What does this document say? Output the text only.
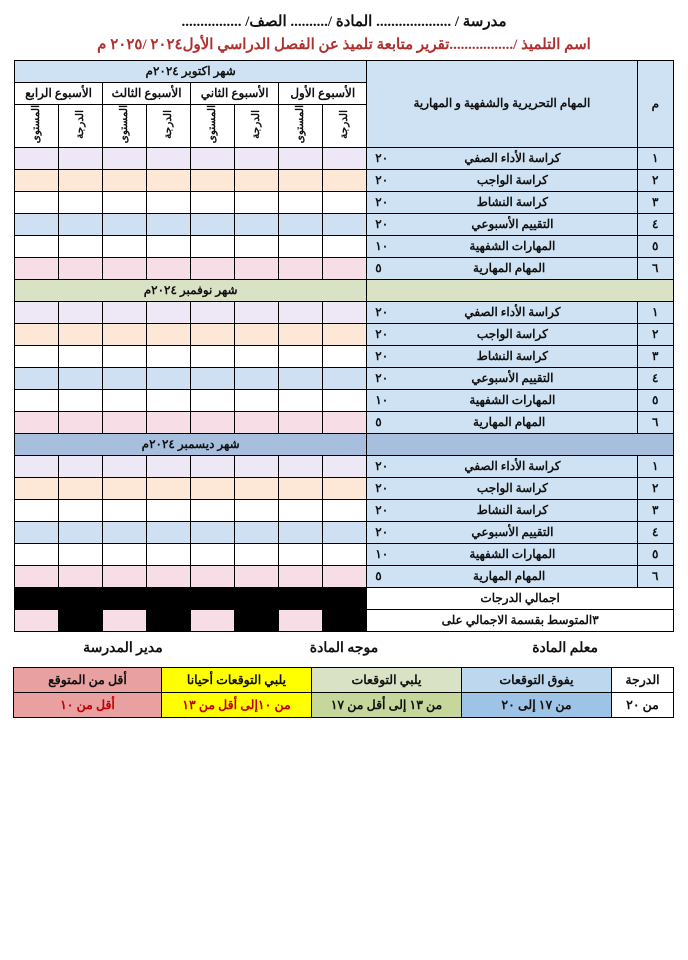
مدرسة / .................... المادة /.......... الصف/ ................
اسم التلميذ /.................تقرير متابعة تلميذ عن الفصل الدراسي الأول٢٠٢٤ /٢٠٢٥ م
م	المهام التحريرية والشفهية و المهارية	شهر اكتوبر ٢٠٢٤م							
		الأسبوع الأول		الأسبوع الثاني		الأسبوع الثالث		الأسبوع الرابع	
		الدرجة	المستوى	الدرجة	المستوى	الدرجة	المستوى	الدرجة	المستوى
١	٢٠ كراسة الأداء الصفي								
٢	٢٠ كراسة الواجب								
٣	٢٠ كراسة النشاط								
٤	٢٠ التقييم الأسبوعي								
٥	١٠ المهارات الشفهية								
٦	٥ المهام المهارية								
		شهر نوفمبر ٢٠٢٤م							
١	٢٠ كراسة الأداء الصفي								
٢	٢٠ كراسة الواجب								
٣	٢٠ كراسة النشاط								
٤	٢٠ التقييم الأسبوعي								
٥	١٠ المهارات الشفهية								
٦	٥ المهام المهارية								
		شهر ديسمبر ٢٠٢٤م							
١	٢٠ كراسة الأداء الصفي								
٢	٢٠ كراسة الواجب								
٣	٢٠ كراسة النشاط								
٤	٢٠ التقييم الأسبوعي								
٥	١٠ المهارات الشفهية								
٦	٥ المهام المهارية								
اجمالي الدرجات									
٣المتوسط بقسمة الاجمالي على									
معلم المادة
موجه المادة
مدير المدرسة
الدرجة	يفوق التوقعات	يلبي التوقعات	يلبي التوقعات أحيانا	أقل من المتوقع
من ٢٠	من ١٧ إلى ٢٠	من ١٣ إلى أقل من ١٧	من ١٠إلى أقل من ١٣	أقل من ١٠
